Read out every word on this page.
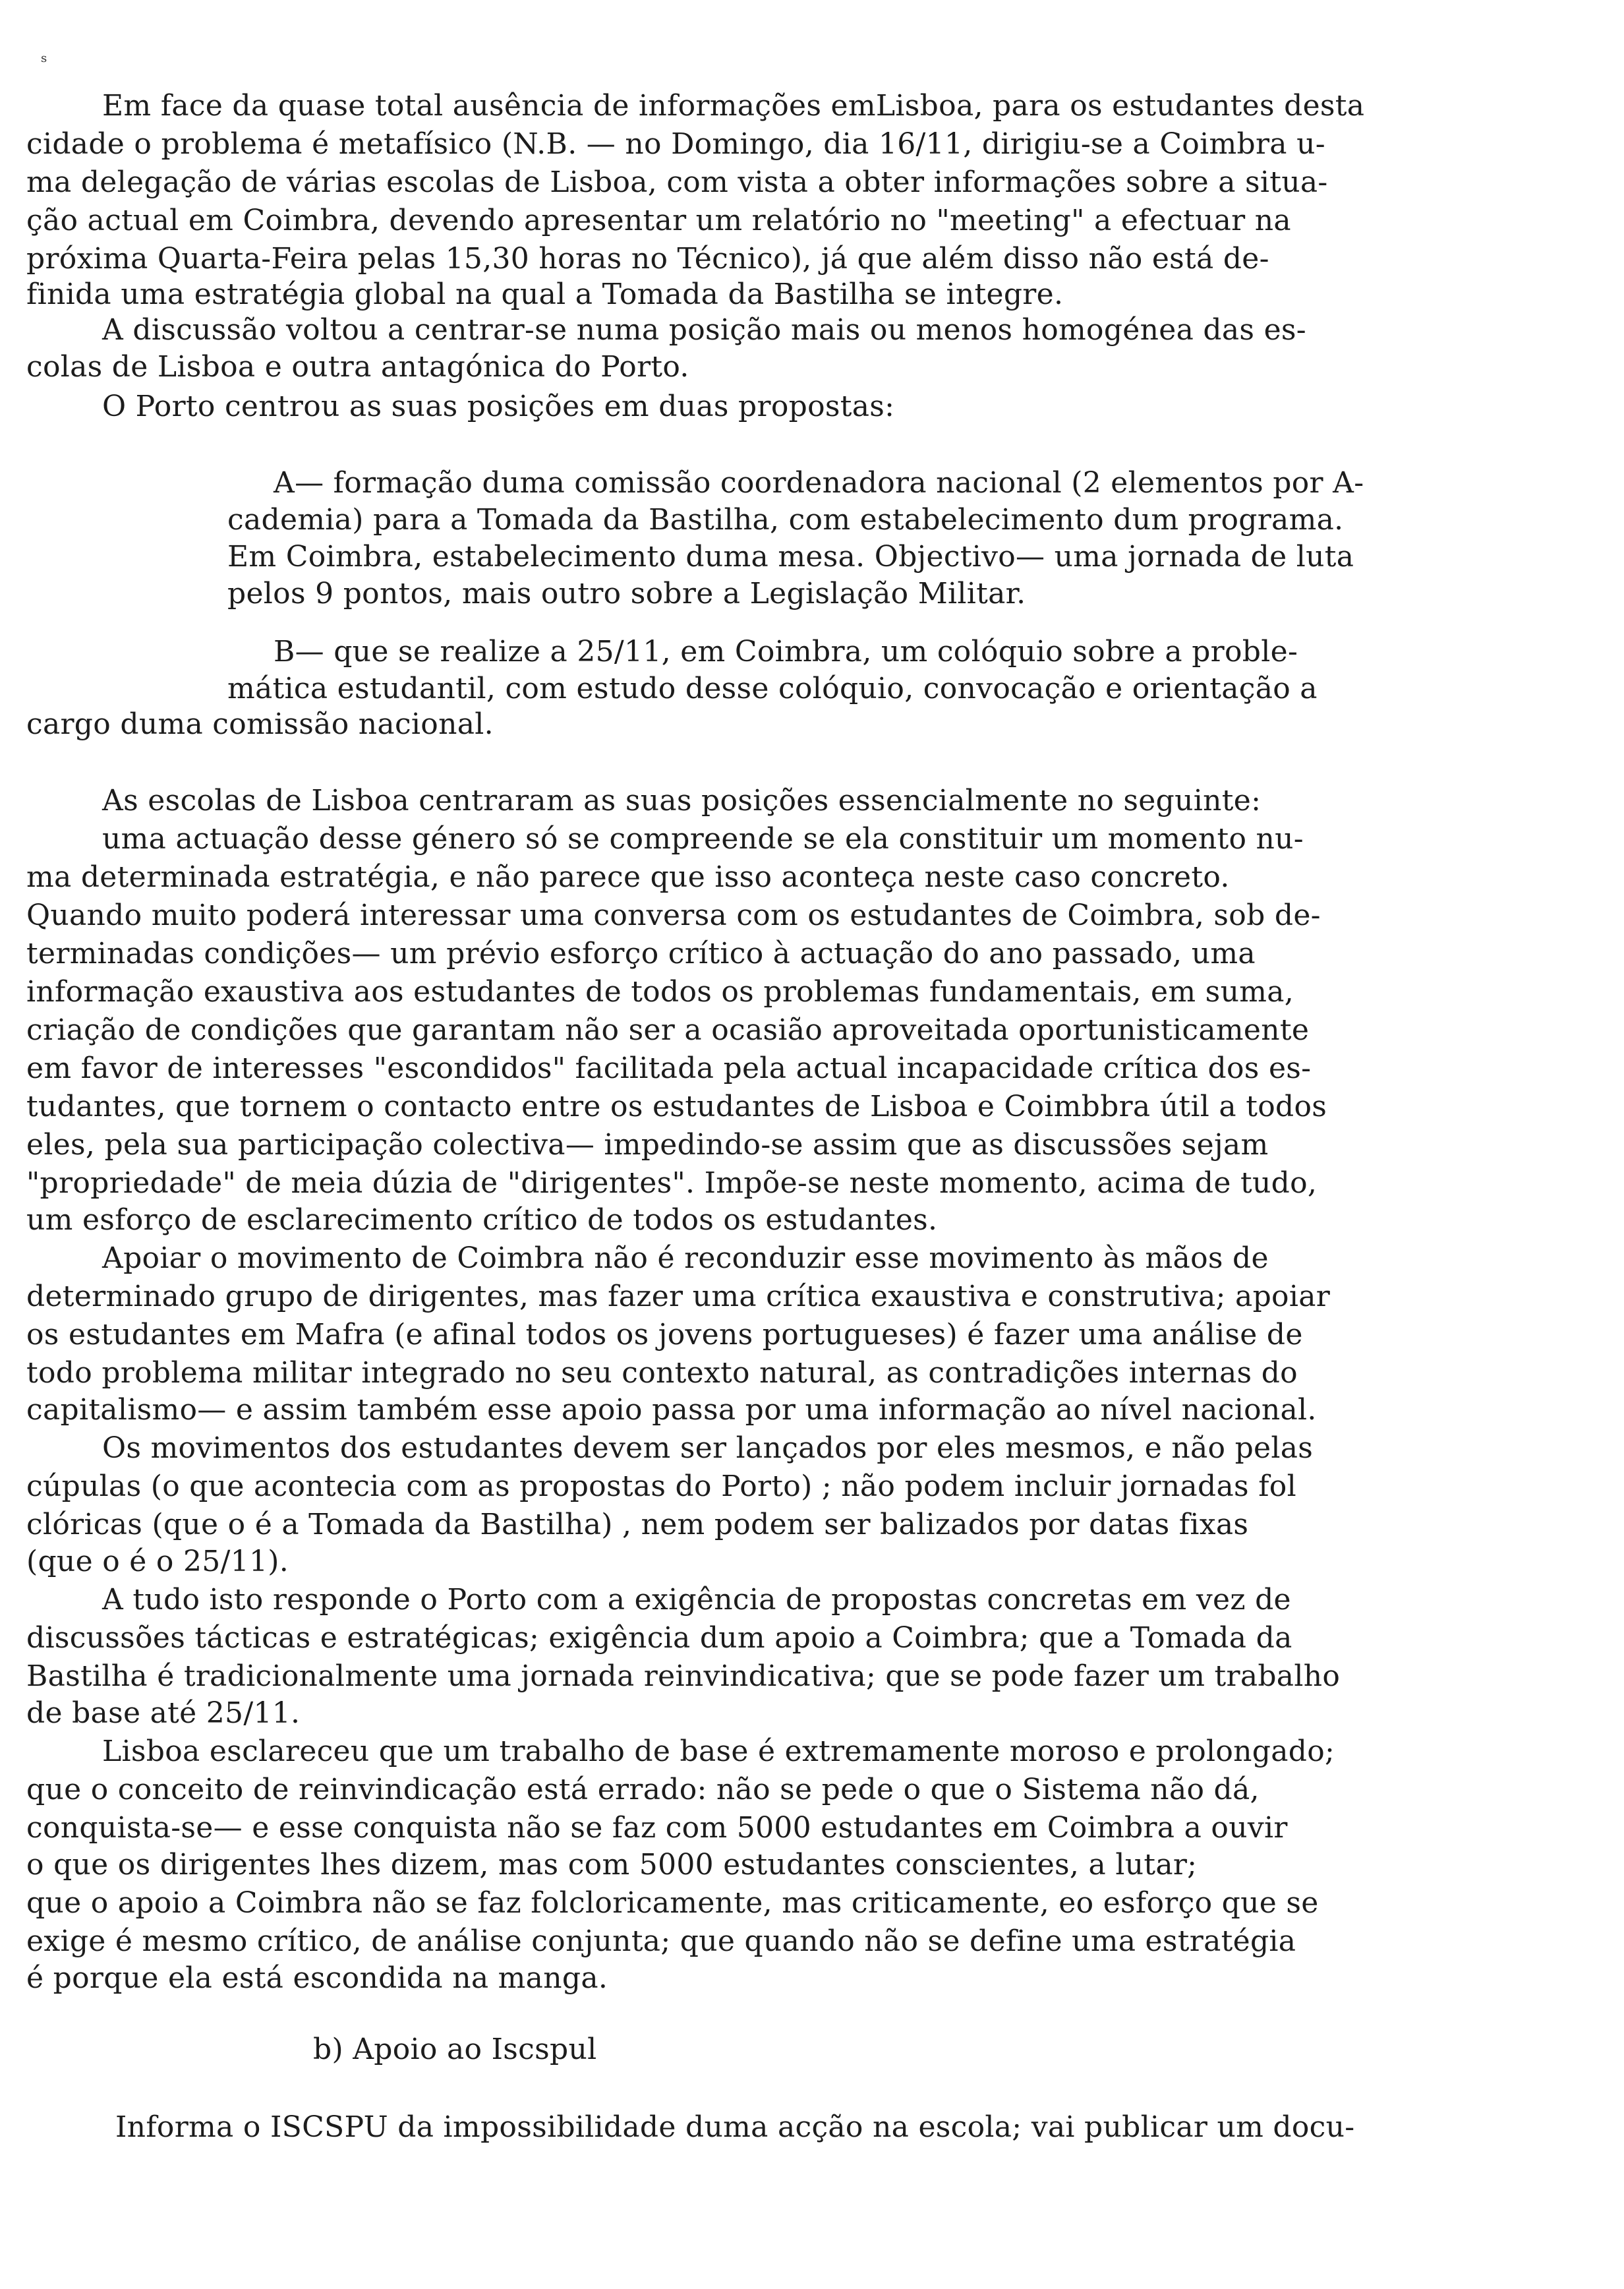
s

Em face da quase total ausência de informações emLisboa, para os estudantes desta

cidade o problema é metafísico (N.B. — no Domingo, dia 16/11, dirigiu-se a Coimbra u-

ma delegação de várias escolas de Lisboa, com vista a obter informações sobre a situa-

ção actual em Coimbra, devendo apresentar um relatório no "meeting" a efectuar na

próxima Quarta-Feira pelas 15,30 horas no Técnico), já que além disso não está de-

finida uma estratégia global na qual a Tomada da Bastilha se integre.

A discussão voltou a centrar-se numa posição mais ou menos homogénea das es-

colas de Lisboa e outra antagónica do Porto.

O Porto centrou as suas posições em duas propostas:

A— formação duma comissão coordenadora nacional (2 elementos por A-

cademia) para a Tomada da Bastilha, com estabelecimento dum programa.

Em Coimbra, estabelecimento duma mesa. Objectivo— uma jornada de luta

pelos 9 pontos, mais outro sobre a Legislação Militar.

B— que se realize a 25/11, em Coimbra, um colóquio sobre a proble-

mática estudantil, com estudo desse colóquio, convocação e orientação a

cargo duma comissão nacional.

As escolas de Lisboa centraram as suas posições essencialmente no seguinte:

uma actuação desse género só se compreende se ela constituir um momento nu-

ma determinada estratégia, e não parece que isso aconteça neste caso concreto.

Quando muito poderá interessar uma conversa com os estudantes de Coimbra, sob de-

terminadas condições— um prévio esforço crítico à actuação do ano passado, uma

informação exaustiva aos estudantes de todos os problemas fundamentais, em suma,

criação de condições que garantam não ser a ocasião aproveitada oportunisticamente

em favor de interesses "escondidos" facilitada pela actual incapacidade crítica dos es-

tudantes, que tornem o contacto entre os estudantes de Lisboa e Coimbbra útil a todos

eles, pela sua participação colectiva— impedindo-se assim que as discussões sejam

"propriedade" de meia dúzia de "dirigentes". Impõe-se neste momento, acima de tudo,

um esforço de esclarecimento crítico de todos os estudantes.

Apoiar o movimento de Coimbra não é reconduzir esse movimento às mãos de

determinado grupo de dirigentes, mas fazer uma crítica exaustiva e construtiva; apoiar

os estudantes em Mafra (e afinal todos os jovens portugueses) é fazer uma análise de

todo problema militar integrado no seu contexto natural, as contradições internas do

capitalismo— e assim também esse apoio passa por uma informação ao nível nacional.

Os movimentos dos estudantes devem ser lançados por eles mesmos, e não pelas

cúpulas (o que acontecia com as propostas do Porto) ; não podem incluir jornadas fol

clóricas (que o é a Tomada da Bastilha) , nem podem ser balizados por datas fixas

(que o é o 25/11).

A tudo isto responde o Porto com a exigência de propostas concretas em vez de

discussões tácticas e estratégicas; exigência dum apoio a Coimbra; que a Tomada da

Bastilha é tradicionalmente uma jornada reinvindicativa; que se pode fazer um trabalho

de base até 25/11.

Lisboa esclareceu que um trabalho de base é extremamente moroso e prolongado;

que o conceito de reinvindicação está errado: não se pede o que o Sistema não dá,

conquista-se— e esse conquista não se faz com 5000 estudantes em Coimbra a ouvir

o que os dirigentes lhes dizem, mas com 5000 estudantes conscientes, a lutar;

que o apoio a Coimbra não se faz folcloricamente, mas criticamente, eo esforço que se

exige é mesmo crítico, de análise conjunta; que quando não se define uma estratégia

é porque ela está escondida na manga.

b) Apoio ao Iscspul

Informa o ISCSPU da impossibilidade duma acção na escola; vai publicar um docu-
